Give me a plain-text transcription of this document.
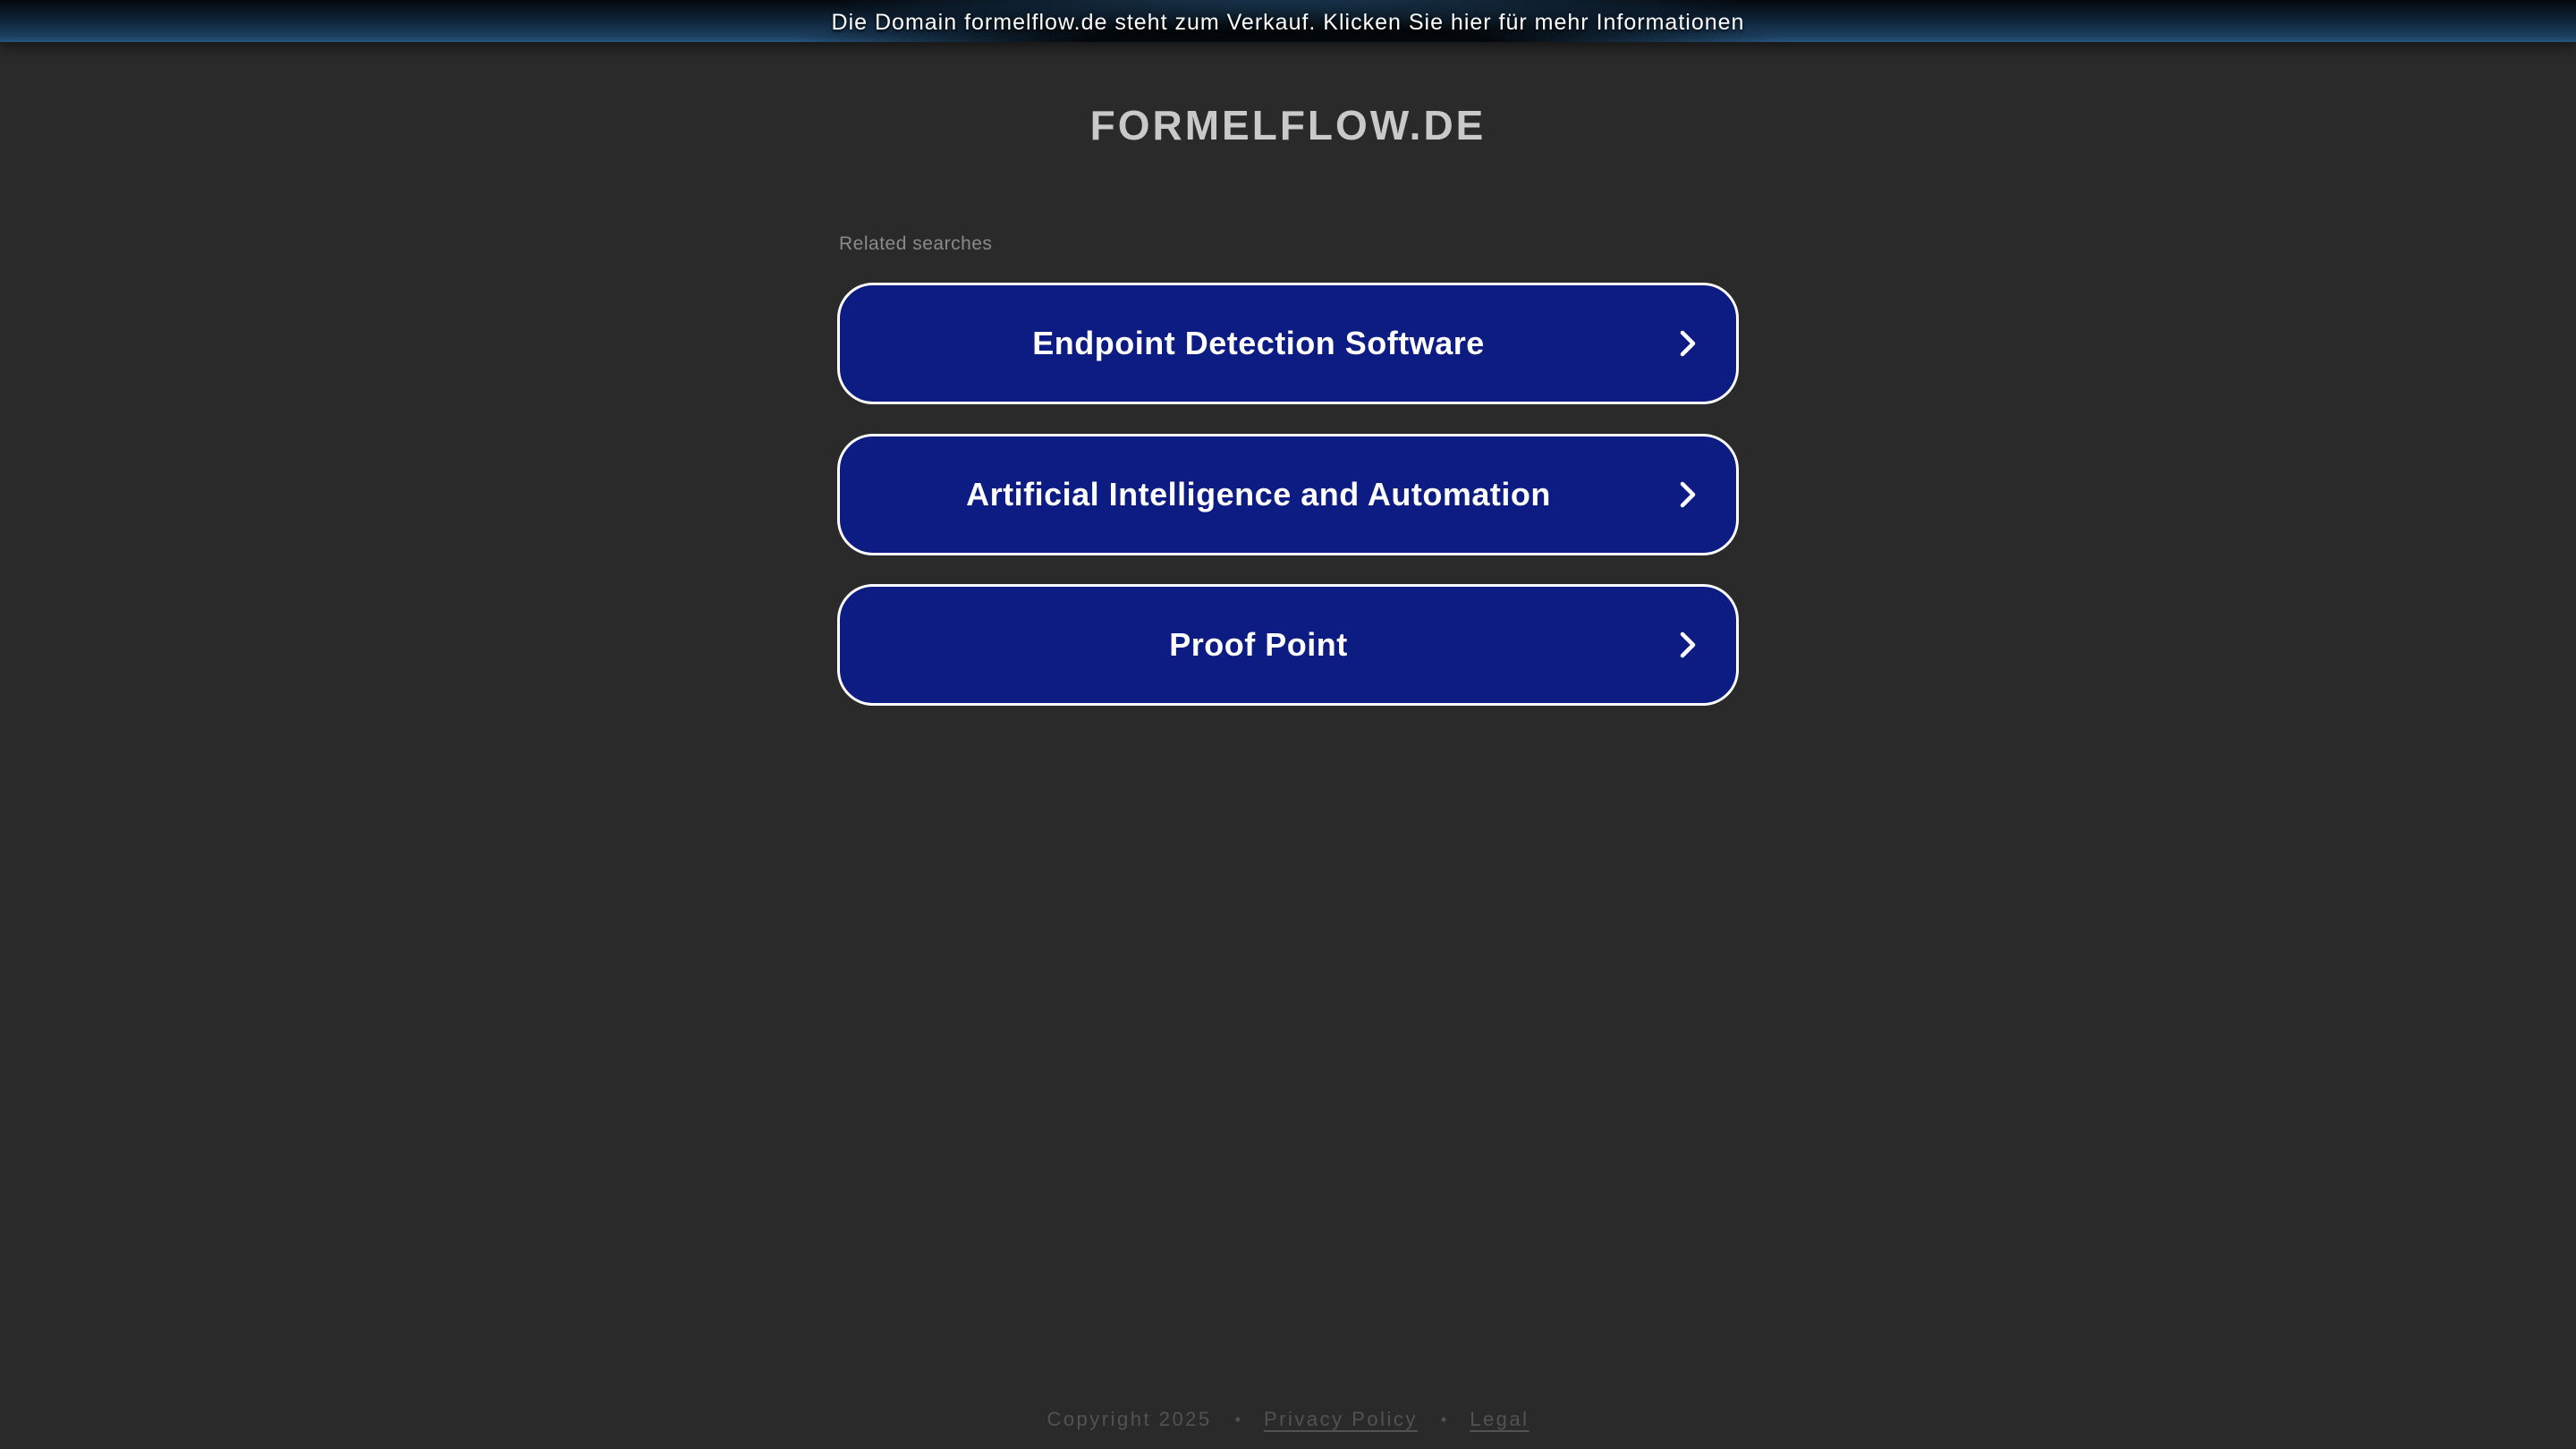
Die Domain formelflow.de steht zum Verkauf. Klicken Sie hier für mehr Informationen
FORMELFLOW.DE
Related searches
Endpoint Detection Software
Artificial Intelligence and Automation
Proof Point
Copyright 2025 • Privacy Policy • Legal
